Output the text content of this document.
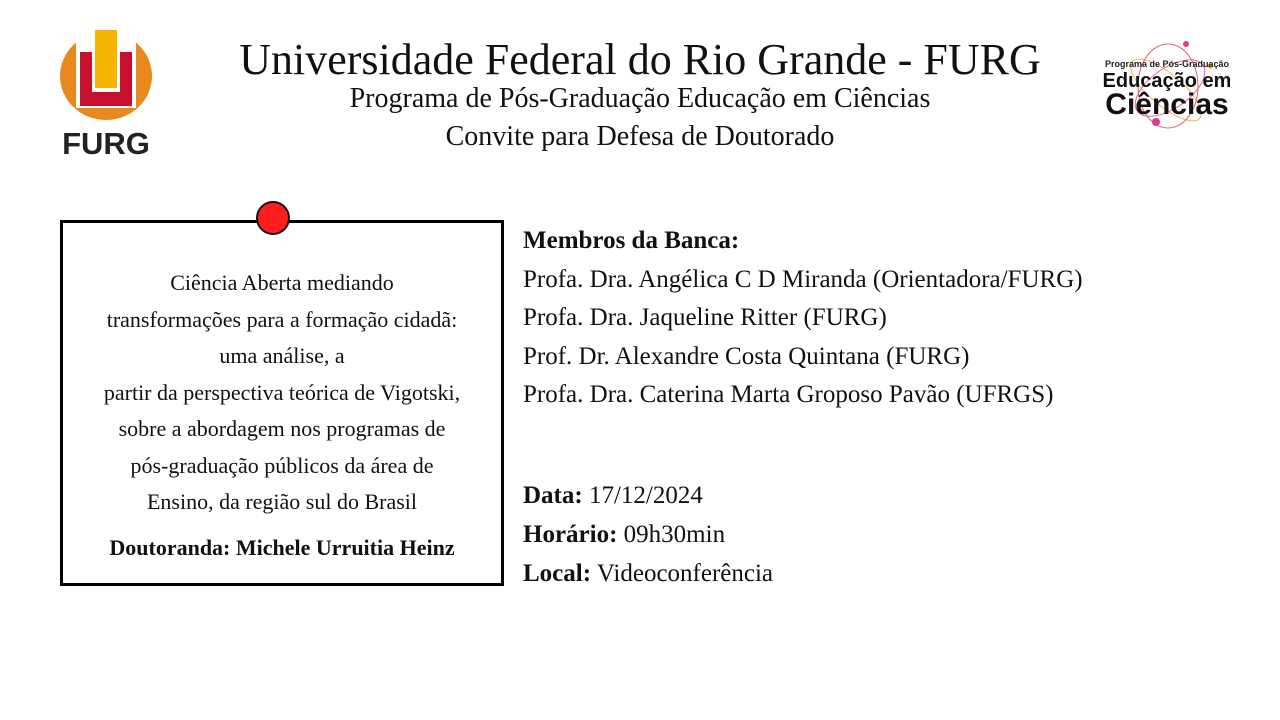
FURG
Programa de Pós-Graduação
Educação em
Ciências
Universidade Federal do Rio Grande - FURG
Programa de Pós-Graduação Educação em Ciências
Convite para Defesa de Doutorado
Ciência Aberta mediando
transformações para a formação cidadã:
uma análise, a
partir da perspectiva teórica de Vigotski,
sobre a abordagem nos programas de
pós-graduação públicos da área de
Ensino, da região sul do Brasil
Doutoranda: Michele Urruitia Heinz
Membros da Banca:
Profa. Dra. Angélica C D Miranda (Orientadora/FURG)
Profa. Dra. Jaqueline Ritter (FURG)
Prof. Dr. Alexandre Costa Quintana (FURG)
Profa. Dra. Caterina Marta Groposo Pavão (UFRGS)
Data: 17/12/2024
Horário: 09h30min
Local: Videoconferência
